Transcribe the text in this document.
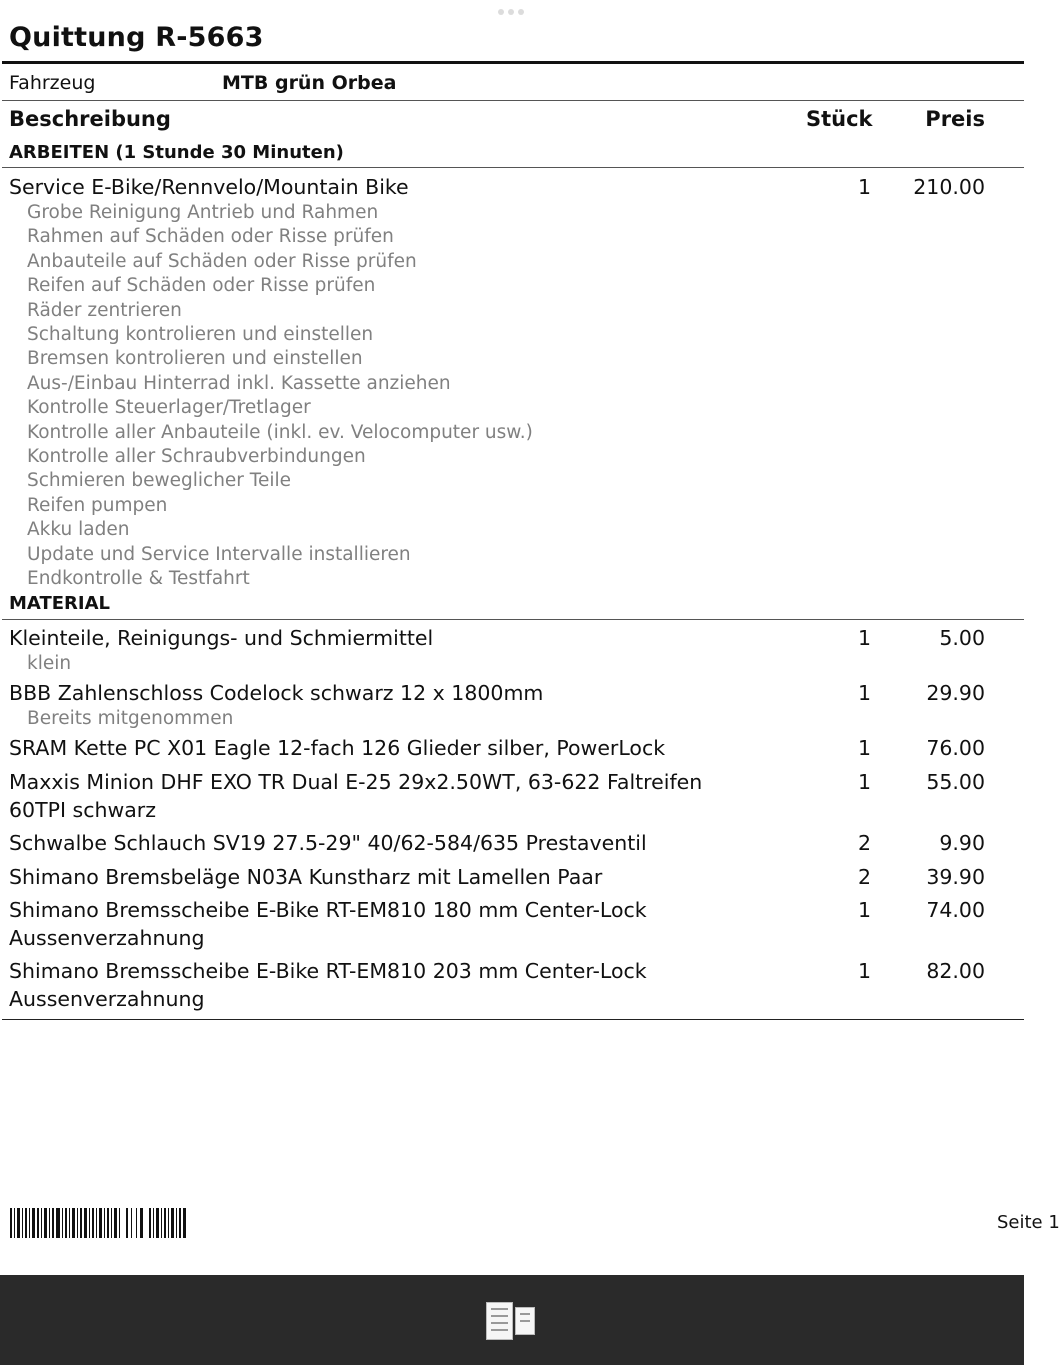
Quittung R-5663
Fahrzeug	MTB grün Orbea
Beschreibung	Stück	Preis
ARBEITEN (1 Stunde 30 Minuten)
Service E-Bike/Rennvelo/Mountain Bike	1 210.00
Grobe Reinigung Antrieb und Rahmen
Rahmen auf Schäden oder Risse prüfen
Anbauteile auf Schäden oder Risse prüfen
Reifen auf Schäden oder Risse prüfen
Räder zentrieren
Schaltung kontrolieren und einstellen
Bremsen kontrolieren und einstellen
Aus-/Einbau Hinterrad inkl. Kassette anziehen
Kontrolle Steuerlager/Tretlager
Kontrolle aller Anbauteile (inkl. ev. Velocomputer usw.)
Kontrolle aller Schraubverbindungen
Schmieren beweglicher Teile
Reifen pumpen
Akku laden
Update und Service Intervalle installieren
Endkontrolle & Testfahrt
MATERIAL
Kleinteile, Reinigungs- und Schmiermittel	1	5.00
klein
BBB Zahlenschloss Codelock schwarz 12 x 1800mm	1	29.90
Bereits mitgenommen
SRAM Kette PC X01 Eagle 12-fach 126 Glieder silber, PowerLock	1	76.00
Maxxis Minion DHF EXO TR Dual E-25 29x2.50WT, 63-622 Faltreifen 60TPI schwarz
1	55.00
Schwalbe Schlauch SV19 27.5-29" 40/62-584/635 Prestaventil	2	9.90
Shimano Bremsbeläge N03A Kunstharz mit Lamellen Paar	2	39.90
Shimano Bremsscheibe E-Bike RT-EM810 180 mm Center-Lock Aussenverzahnung
1	74.00
Shimano Bremsscheibe E-Bike RT-EM810 203 mm Center-Lock Aussenverzahnung
1	82.00
Seite 1
